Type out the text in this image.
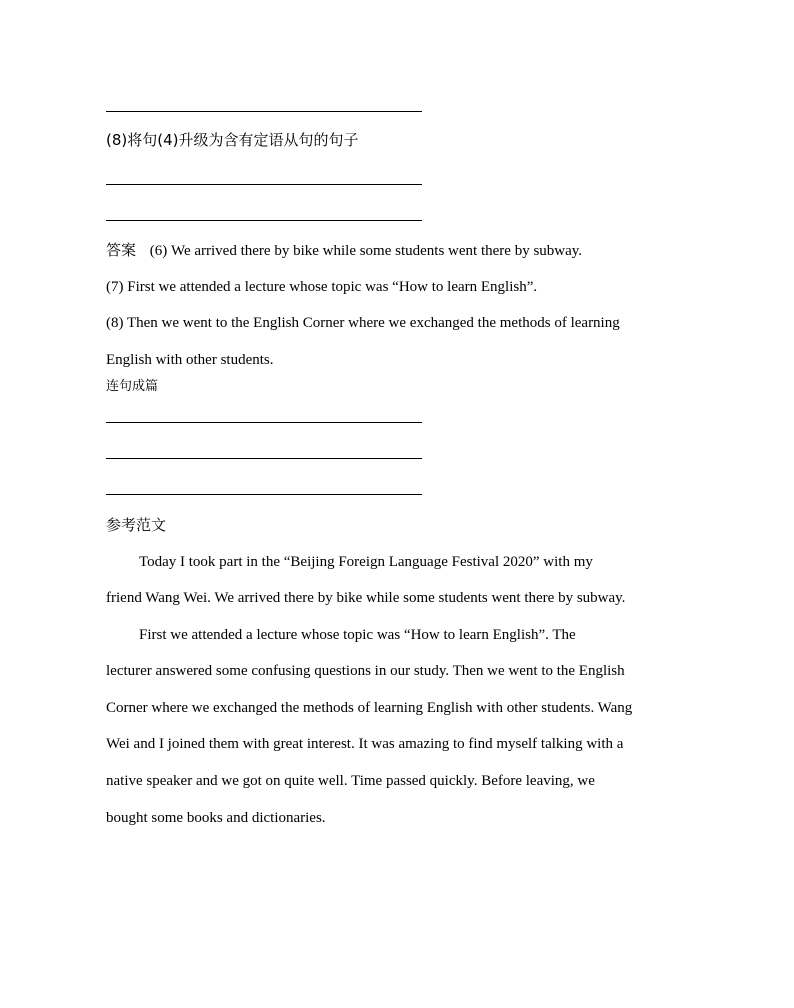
(8)将句(4)升级为含有定语从句的句子
答案 (6) We arrived there by bike while some students went there by subway.
(7) First we attended a lecture whose topic was “How to learn English”.
(8) Then we went to the English Corner where we exchanged the methods of learning
English with other students.
连句成篇
参考范文
Today I took part in the “Beijing Foreign Language Festival 2020” with my
friend Wang Wei. We arrived there by bike while some students went there by subway.
First we attended a lecture whose topic was “How to learn English”. The
lecturer answered some confusing questions in our study. Then we went to the English
Corner where we exchanged the methods of learning English with other students. Wang
Wei and I joined them with great interest. It was amazing to find myself talking with a
native speaker and we got on quite well. Time passed quickly. Before leaving, we
bought some books and dictionaries.
